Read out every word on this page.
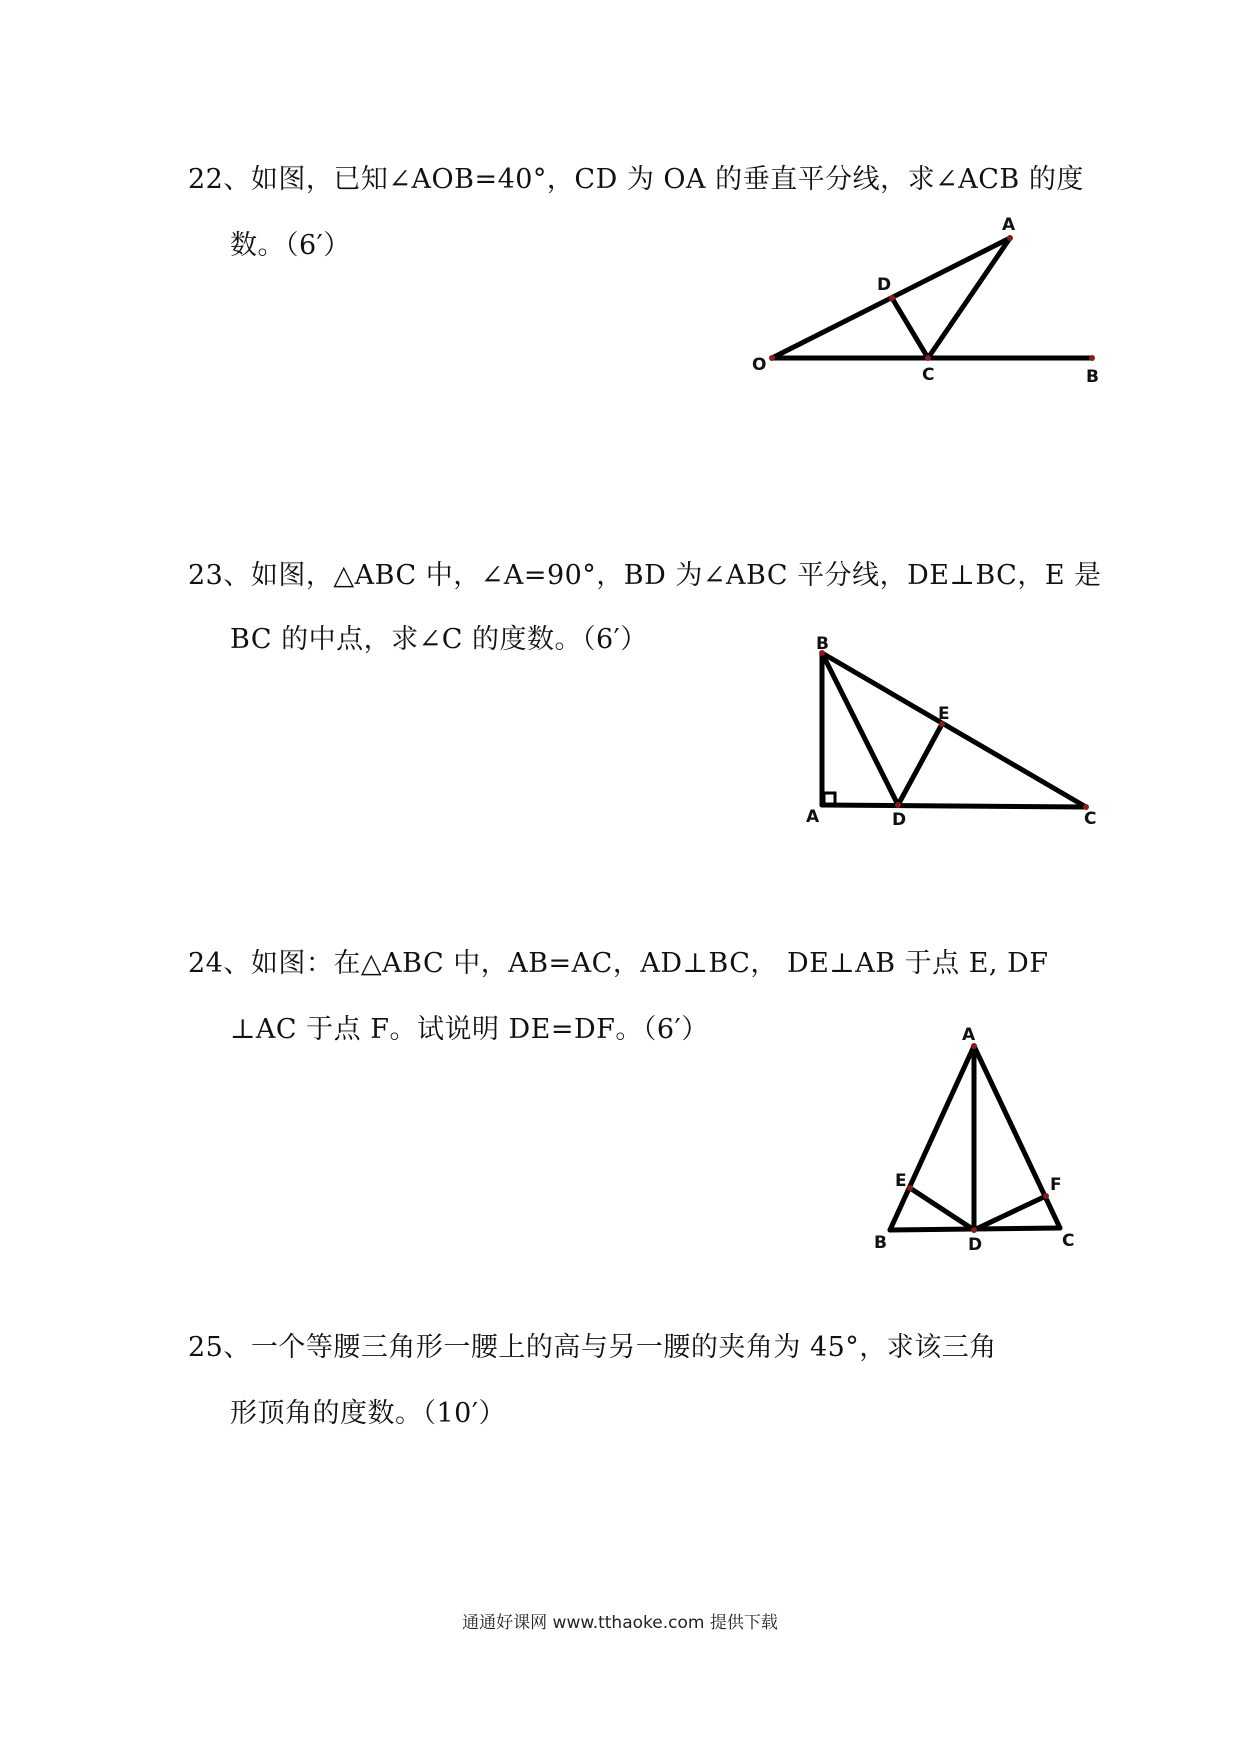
22、如图，已知∠AOB=40°，CD 为 OA 的垂直平分线，求∠ACB 的度
数。（6′）
A
D
O	C	B
23、如图，△ABC 中，∠A=90°，BD 为∠ABC 平分线，DE⊥BC，E 是
BC 的中点，求∠C 的度数。（6′）	B
E
A	D	C
24、如图：在△ABC 中，AB=AC，AD⊥BC， DE⊥AB 于点 E, DF
⊥AC 于点 F。试说明 DE=DF。（6′）	A
E	F
B	D	C
25、一个等腰三角形一腰上的高与另一腰的夹角为 45°，求该三角
形顶角的度数。（10′）
通通好课网 www.tthaoke.com 提供下载
